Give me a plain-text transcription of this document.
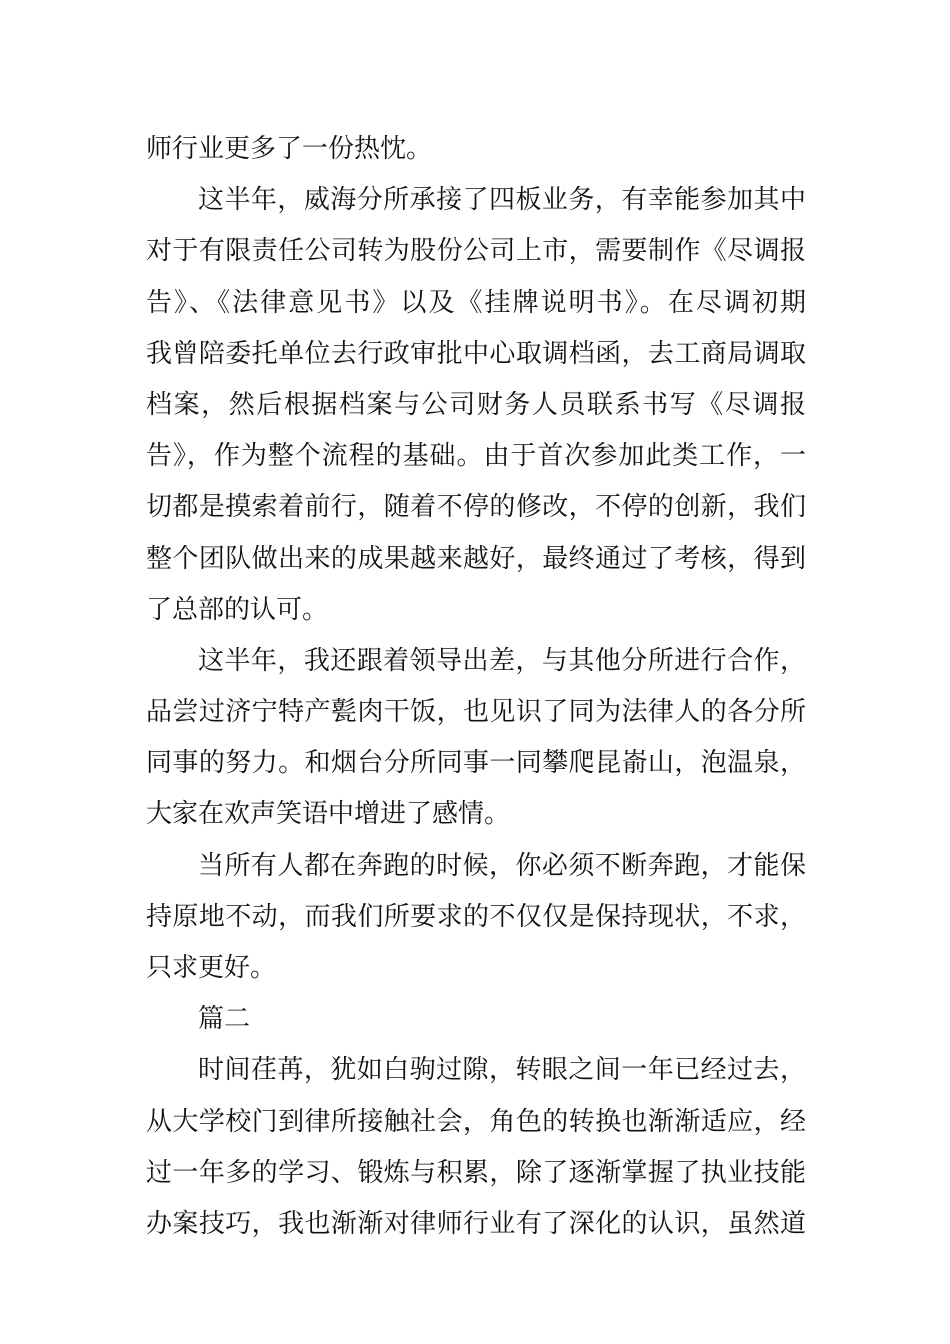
师行业更多了一份热忱。
这半年，威海分所承接了四板业务，有幸能参加其中
对于有限责任公司转为股份公司上市，需要制作《尽调报
告》、《法律意见书》以及《挂牌说明书》。在尽调初期
我曾陪委托单位去行政审批中心取调档函，去工商局调取
档案，然后根据档案与公司财务人员联系书写《尽调报
告》，作为整个流程的基础。由于首次参加此类工作，一
切都是摸索着前行，随着不停的修改，不停的创新，我们
整个团队做出来的成果越来越好，最终通过了考核，得到
了总部的认可。
这半年，我还跟着领导出差，与其他分所进行合作，
品尝过济宁特产甏肉干饭，也见识了同为法律人的各分所
同事的努力。和烟台分所同事一同攀爬昆嵛山，泡温泉，
大家在欢声笑语中增进了感情。
当所有人都在奔跑的时候，你必须不断奔跑，才能保
持原地不动，而我们所要求的不仅仅是保持现状，不求，
只求更好。
篇二
时间荏苒，犹如白驹过隙，转眼之间一年已经过去，
从大学校门到律所接触社会，角色的转换也渐渐适应，经
过一年多的学习、锻炼与积累，除了逐渐掌握了执业技能
办案技巧，我也渐渐对律师行业有了深化的认识，虽然道
